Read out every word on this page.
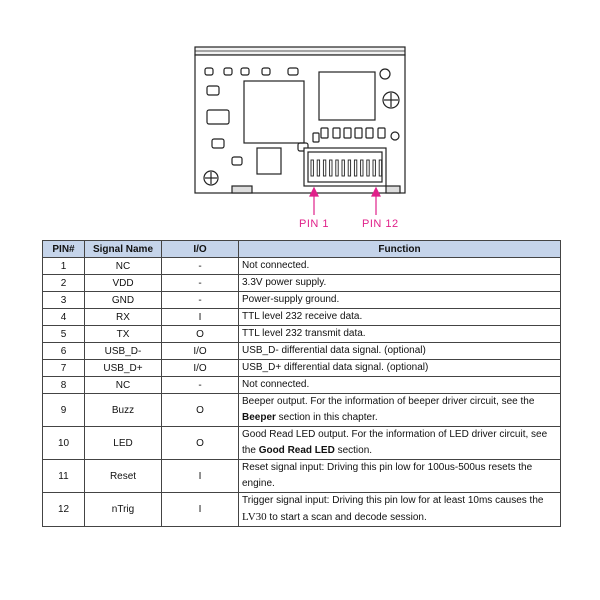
PIN 1	PIN 12
PIN#	Signal Name	I/O	Function
1	NC	-	Not connected.
2	VDD	-	3.3V power supply.
3	GND	-	Power-supply ground.
4	RX	I	TTL level 232 receive data.
5	TX	O	TTL level 232 transmit data.
6	USB_D-	I/O	USB_D- differential data signal. (optional)
7	USB_D+	I/O	USB_D+ differential data signal. (optional)
8	NC	-	Not connected.
9	Buzz	O	Beeper output. For the information of beeper driver circuit, see the Beeper section in this chapter.
10	LED	O	Good Read LED output. For the information of LED driver circuit, see the Good Read LED section.
11	Reset	I	Reset signal input: Driving this pin low for 100us-500us resets the engine.
12	nTrig	I	Trigger signal input: Driving this pin low for at least 10ms causes the LV30 to start a scan and decode session.
